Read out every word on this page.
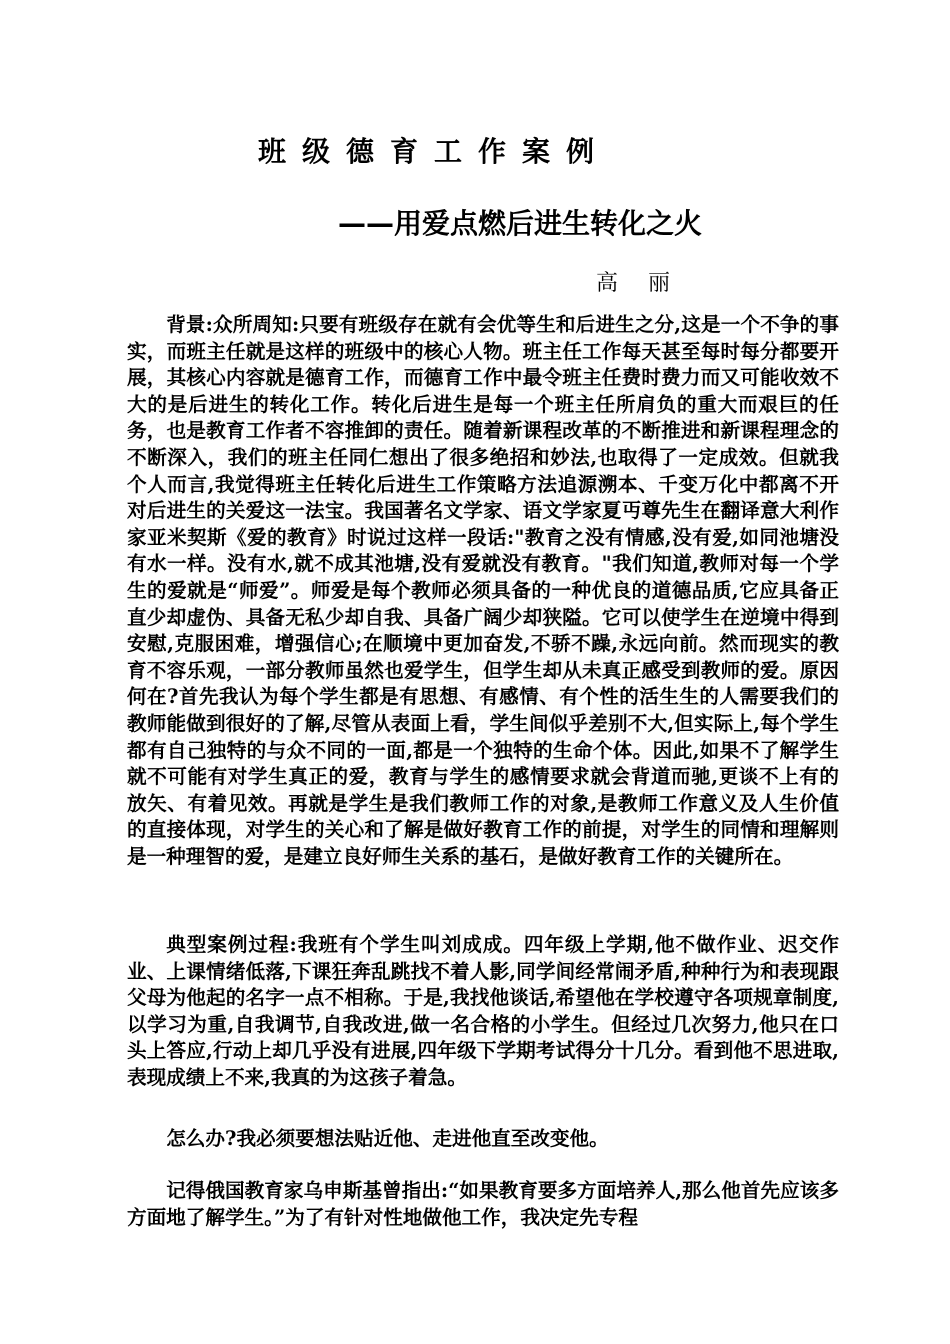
班级德育工作案例
——用爱点燃后进生转化之火

高丽

背景:众所周知:只要有班级存在就有会优等生和后进生之分,这是一个不争的事实，而班主任就是这样的班级中的核心人物。班主任工作每天甚至每时每分都要开展，其核心内容就是德育工作，而德育工作中最令班主任费时费力而又可能收效不大的是后进生的转化工作。转化后进生是每一个班主任所肩负的重大而艰巨的任务，也是教育工作者不容推卸的责任。随着新课程改革的不断推进和新课程理念的不断深入，我们的班主任同仁想出了很多绝招和妙法,也取得了一定成效。但就我个人而言,我觉得班主任转化后进生工作策略方法追源溯本、千变万化中都离不开对后进生的关爱这一法宝。我国著名文学家、语文学家夏丏尊先生在翻译意大利作家亚米契斯《爱的教育》时说过这样一段话:"教育之没有情感,没有爱,如同池塘没有水一样。没有水,就不成其池塘,没有爱就没有教育。"我们知道,教师对每一个学生的爱就是“师爱”。师爱是每个教师必须具备的一种优良的道德品质,它应具备正直少却虚伪、具备无私少却自我、具备广阔少却狭隘。它可以使学生在逆境中得到安慰,克服困难，增强信心;在顺境中更加奋发,不骄不躁,永远向前。然而现实的教育不容乐观，一部分教师虽然也爱学生，但学生却从未真正感受到教师的爱。原因何在?首先我认为每个学生都是有思想、有感情、有个性的活生生的人需要我们的教师能做到很好的了解,尽管从表面上看，学生间似乎差别不大,但实际上,每个学生都有自己独特的与众不同的一面,都是一个独特的生命个体。因此,如果不了解学生就不可能有对学生真正的爱，教育与学生的感情要求就会背道而驰,更谈不上有的放矢、有着见效。再就是学生是我们教师工作的对象,是教师工作意义及人生价值的直接体现，对学生的关心和了解是做好教育工作的前提，对学生的同情和理解则是一种理智的爱，是建立良好师生关系的基石，是做好教育工作的关键所在。

典型案例过程:我班有个学生叫刘成成。四年级上学期,他不做作业、迟交作业、上课情绪低落,下课狂奔乱跳找不着人影,同学间经常闹矛盾,种种行为和表现跟父母为他起的名字一点不相称。于是,我找他谈话,希望他在学校遵守各项规章制度,以学习为重,自我调节,自我改进,做一名合格的小学生。但经过几次努力,他只在口头上答应,行动上却几乎没有进展,四年级下学期考试得分十几分。看到他不思进取,表现成绩上不来,我真的为这孩子着急。

怎么办?我必须要想法贴近他、走进他直至改变他。

记得俄国教育家乌申斯基曾指出:“如果教育要多方面培养人,那么他首先应该多方面地了解学生。”为了有针对性地做他工作，我决定先专程
